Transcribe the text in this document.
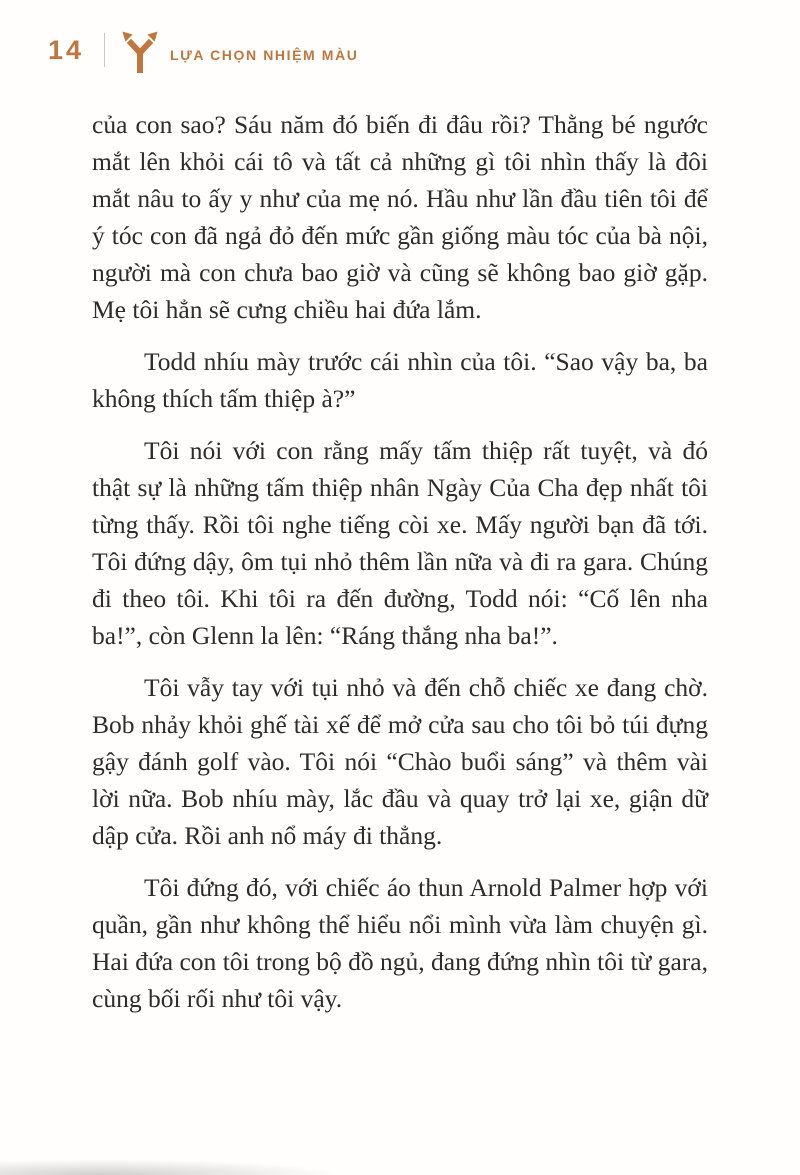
14	LỰA CHỌN NHIỆM MÀU

của con sao? Sáu năm đó biến đi đâu rồi? Thằng bé ngước mắt lên khỏi cái tô và tất cả những gì tôi nhìn thấy là đôi mắt nâu to ấy y như của mẹ nó. Hầu như lần đầu tiên tôi để ý tóc con đã ngả đỏ đến mức gần giống màu tóc của bà nội, người mà con chưa bao giờ và cũng sẽ không bao giờ gặp. Mẹ tôi hẳn sẽ cưng chiều hai đứa lắm.

Todd nhíu mày trước cái nhìn của tôi. “Sao vậy ba, ba không thích tấm thiệp à?”

Tôi nói với con rằng mấy tấm thiệp rất tuyệt, và đó thật sự là những tấm thiệp nhân Ngày Của Cha đẹp nhất tôi từng thấy. Rồi tôi nghe tiếng còi xe. Mấy người bạn đã tới. Tôi đứng dậy, ôm tụi nhỏ thêm lần nữa và đi ra gara. Chúng đi theo tôi. Khi tôi ra đến đường, Todd nói: “Cố lên nha ba!”, còn Glenn la lên: “Ráng thắng nha ba!”.

Tôi vẫy tay với tụi nhỏ và đến chỗ chiếc xe đang chờ. Bob nhảy khỏi ghế tài xế để mở cửa sau cho tôi bỏ túi đựng gậy đánh golf vào. Tôi nói “Chào buổi sáng” và thêm vài lời nữa. Bob nhíu mày, lắc đầu và quay trở lại xe, giận dữ dập cửa. Rồi anh nổ máy đi thẳng.

Tôi đứng đó, với chiếc áo thun Arnold Palmer hợp với quần, gần như không thể hiểu nổi mình vừa làm chuyện gì. Hai đứa con tôi trong bộ đồ ngủ, đang đứng nhìn tôi từ gara, cùng bối rối như tôi vậy.
